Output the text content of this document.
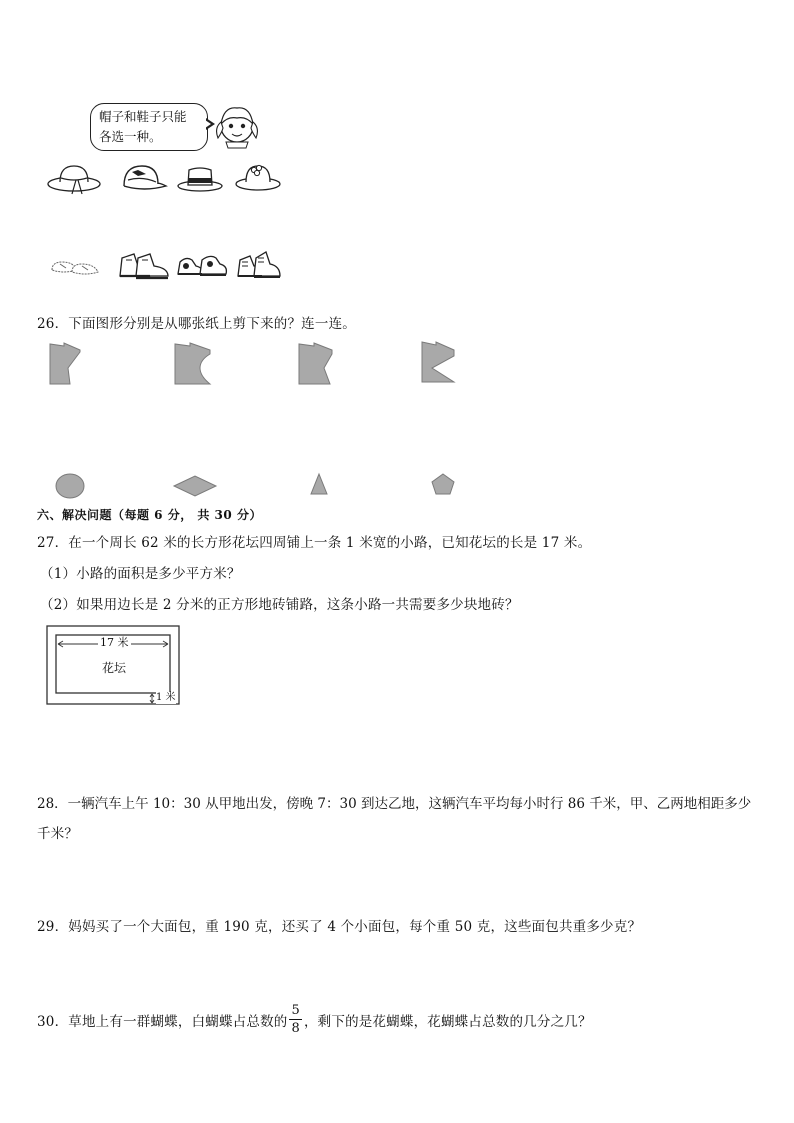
帽子和鞋子只能
各选一种。
26．下面图形分别是从哪张纸上剪下来的？连一连。
六、解决问题（每题 6 分， 共 30 分）
27．在一个周长 62 米的长方形花坛四周铺上一条 1 米宽的小路，已知花坛的长是 17 米。
（1）小路的面积是多少平方米？
（2）如果用边长是 2 分米的正方形地砖铺路，这条小路一共需要多少块地砖？
17 米
花坛
1 米
28．一辆汽车上午 10：30 从甲地出发，傍晚 7：30 到达乙地，这辆汽车平均每小时行 86 千米，甲、乙两地相距多少
千米？
29．妈妈买了一个大面包，重 190 克，还买了 4 个小面包，每个重 50 克，这些面包共重多少克？
30．草地上有一群蝴蝶，白蝴蝶占总数的 $\frac{5}{8}$ ，剩下的是花蝴蝶，花蝴蝶占总数的几分之几？
